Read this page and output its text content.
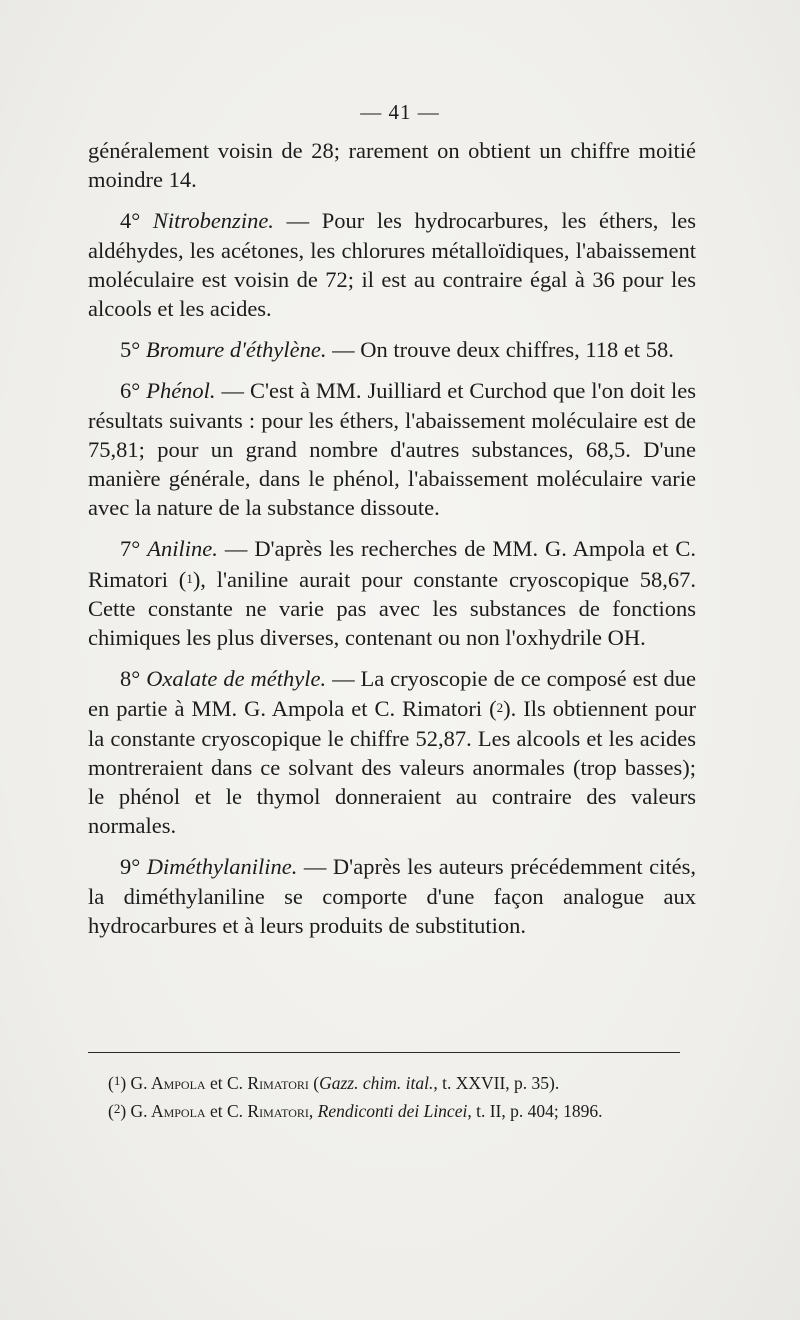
— 41 —

généralement voisin de 28; rarement on obtient un chiffre moitié moindre 14.

4° Nitrobenzine. — Pour les hydrocarbures, les éthers, les aldéhydes, les acétones, les chlorures métalloïdiques, l'abaissement moléculaire est voisin de 72; il est au contraire égal à 36 pour les alcools et les acides.

5° Bromure d'éthylène. — On trouve deux chiffres, 118 et 58.

6° Phénol. — C'est à MM. Juilliard et Curchod que l'on doit les résultats suivants : pour les éthers, l'abaissement moléculaire est de 75,81; pour un grand nombre d'autres substances, 68,5. D'une manière générale, dans le phénol, l'abaissement moléculaire varie avec la nature de la substance dissoute.

7° Aniline. — D'après les recherches de MM. G. Ampola et C. Rimatori (1), l'aniline aurait pour constante cryoscopique 58,67. Cette constante ne varie pas avec les substances de fonctions chimiques les plus diverses, contenant ou non l'oxhydrile OH.

8° Oxalate de méthyle. — La cryoscopie de ce composé est due en partie à MM. G. Ampola et C. Rimatori (2). Ils obtiennent pour la constante cryoscopique le chiffre 52,87. Les alcools et les acides montreraient dans ce solvant des valeurs anormales (trop basses); le phénol et le thymol donneraient au contraire des valeurs normales.

9° Diméthylaniline. — D'après les auteurs précédemment cités, la diméthylaniline se comporte d'une façon analogue aux hydrocarbures et à leurs produits de substitution.

($^1$) G. Ampola et C. Rimatori (Gazz. chim. ital., t. XXVII, p. 35).

($^2$) G. Ampola et C. Rimatori, Rendiconti dei Lincei, t. II, p. 404; 1896.
